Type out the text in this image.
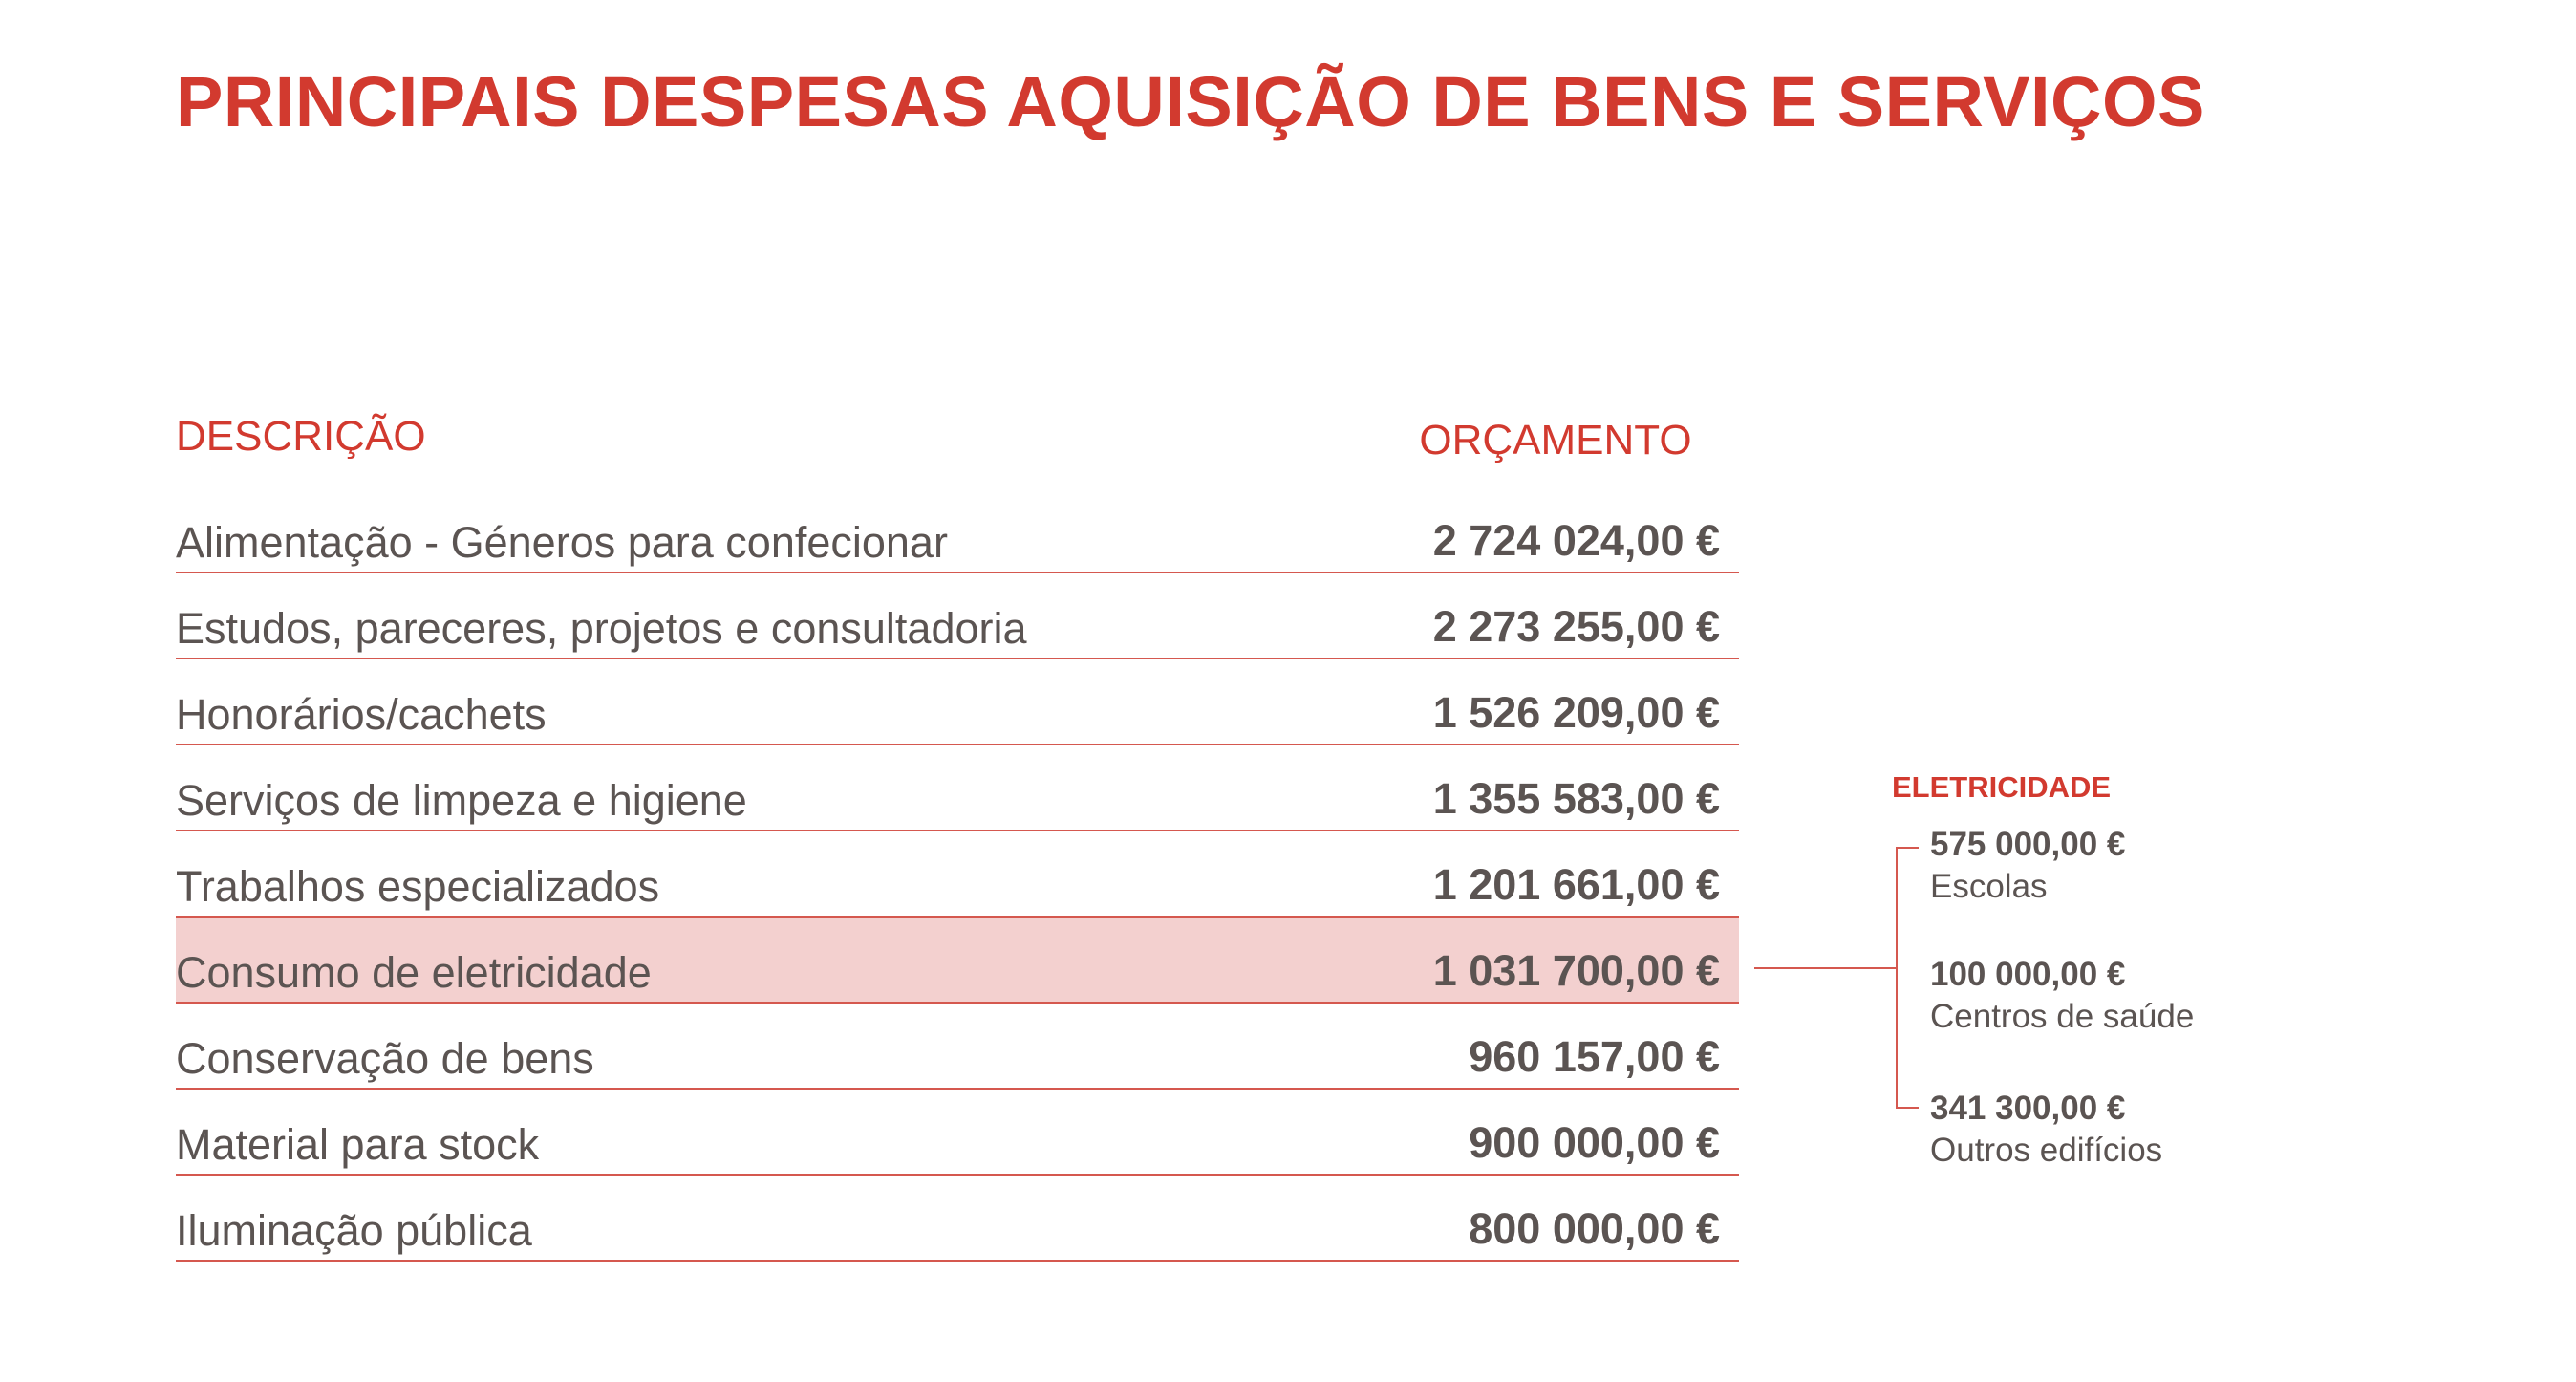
PRINCIPAIS DESPESAS AQUISIÇÃO DE BENS E SERVIÇOS
DESCRIÇÃO	ORÇAMENTO
Alimentação - Géneros para confecionar	2 724 024,00 €
Estudos, pareceres, projetos e consultadoria	2 273 255,00 €
Honorários/cachets	1 526 209,00 €
Serviços de limpeza e higiene	1 355 583,00 €
Trabalhos especializados	1 201 661,00 €
Consumo de eletricidade	1 031 700,00 €
Conservação de bens	960 157,00 €
Material para stock	900 000,00 €
Iluminação pública	800 000,00 €
ELETRICIDADE
575 000,00 €
Escolas
100 000,00 €
Centros de saúde
341 300,00 €
Outros edifícios
